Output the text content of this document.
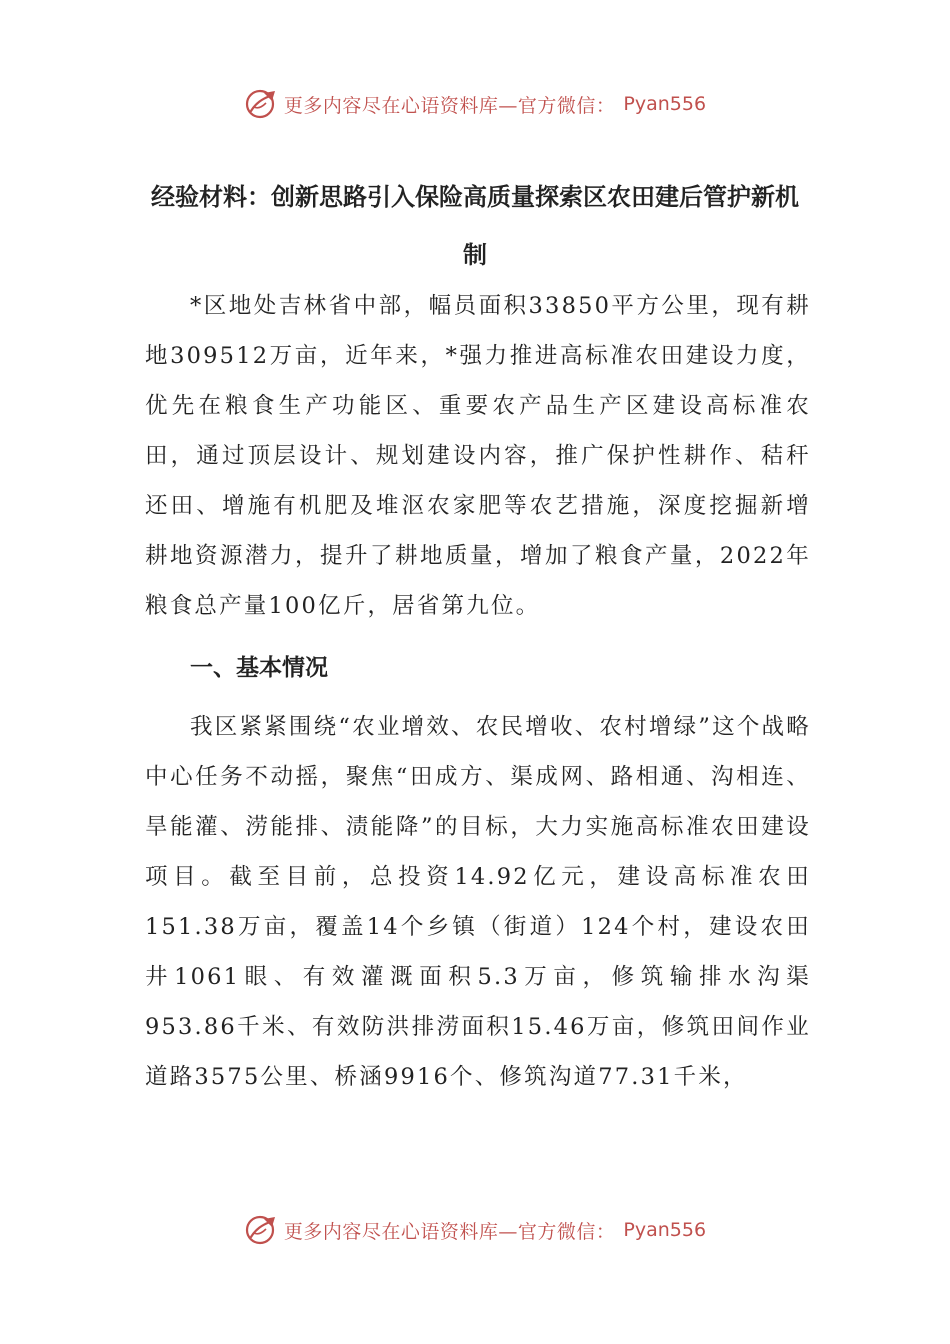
更多内容尽在心语资料库—官方微信： Pyan556
经验材料：创新思路引入保险高质量探索区农田建后管护新机制

*区地处吉林省中部，幅员面积33850平方公里，现有耕地309512万亩，近年来，*强力推进高标准农田建设力度，优先在粮食生产功能区、重要农产品生产区建设高标准农田，通过顶层设计、规划建设内容，推广保护性耕作、秸秆还田、增施有机肥及堆沤农家肥等农艺措施，深度挖掘新增耕地资源潜力，提升了耕地质量，增加了粮食产量，2022年粮食总产量100亿斤，居省第九位。

一、基本情况

我区紧紧围绕“农业增效、农民增收、农村增绿”这个战略中心任务不动摇，聚焦“田成方、渠成网、路相通、沟相连、旱能灌、涝能排、渍能降”的目标，大力实施高标准农田建设项目。截至目前，总投资14.92亿元，建设高标准农田151.38万亩，覆盖14个乡镇（街道）124个村，建设农田井1061眼、有效灌溉面积5.3万亩，修筑输排水沟渠953.86千米、有效防洪排涝面积15.46万亩，修筑田间作业道路3575公里、桥涵9916个、修筑沟道77.31千米，

更多内容尽在心语资料库—官方微信： Pyan556
